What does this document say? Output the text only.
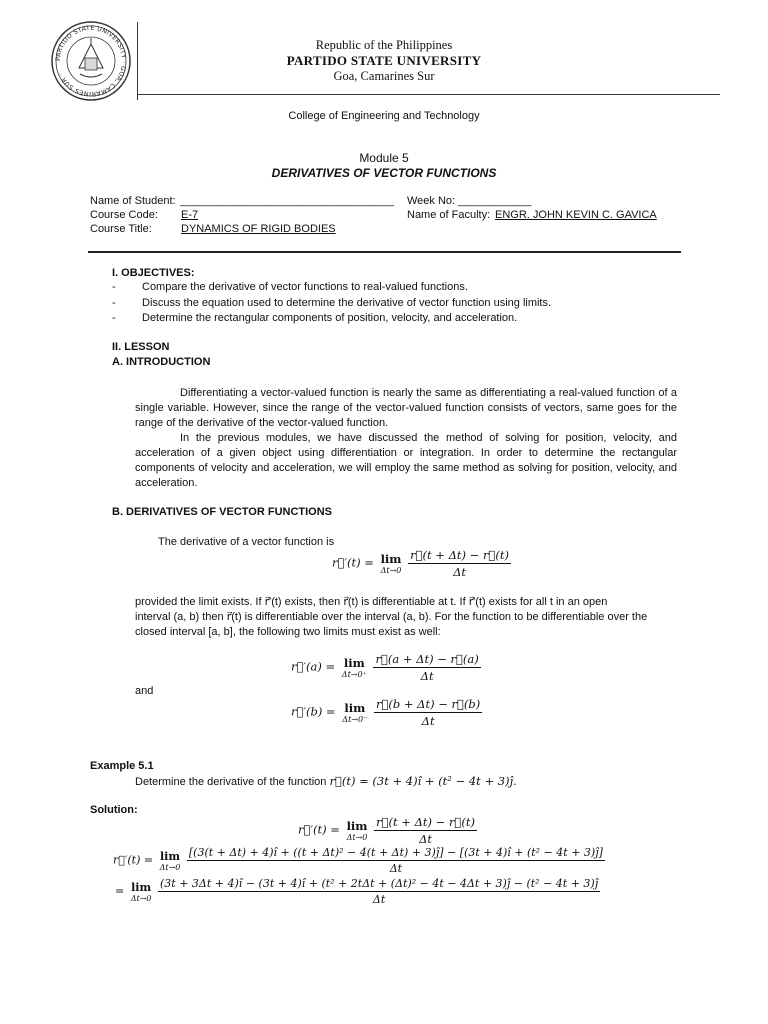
PARTIDO STATE UNIVERSITY · GOA, CAMARINES SUR ·
Republic of the Philippines
PARTIDO STATE UNIVERSITY
Goa, Camarines Sur
College of Engineering and Technology
Module 5
DERIVATIVES OF VECTOR FUNCTIONS
Name of Student: ___________________________________ Week No: ____________
Course Code: E-7	Name of Faculty: ENGR. JOHN KEVIN C. GAVICA
Course Title:	DYNAMICS OF RIGID BODIES
I. OBJECTIVES:
- Compare the derivative of vector functions to real-valued functions.
- Discuss the equation used to determine the derivative of vector function using limits.
- Determine the rectangular components of position, velocity, and acceleration.
II. LESSON
A. INTRODUCTION
Differentiating a vector-valued function is nearly the same as differentiating a real-valued function of a single variable. However, since the range of the vector-valued function consists of vectors, same goes for the range of the derivative of the vector-valued function.
In the previous modules, we have discussed the method of solving for position, velocity, and acceleration of a given object using differentiation or integration. In order to determine the rectangular components of velocity and acceleration, we will employ the same method as solving for position, velocity, and acceleration.
B. DERIVATIVES OF VECTOR FUNCTIONS
The derivative of a vector function is
r⃗′(t) = lim
Δt→0
$\frac{r⃗(t + \Delta t) - r⃗(t)}{\Delta t}$
provided the limit exists. If r⃗′(t) exists, then r⃗(t) is differentiable at t. If r⃗′(t) exists for all t in an open
interval (a, b) then r⃗(t) is differentiable over the interval (a, b). For the function to be differentiable over the
closed interval [a, b], the following two limits must exist as well:
r⃗′(a) = lim
Δt→0⁺
$\frac{r⃗(a + \Delta t) - r⃗(a)}{\Delta t}$
and
r⃗′(b) = lim
Δt→0⁻
$\frac{r⃗(b + \Delta t) - r⃗(b)}{\Delta t}$
Example 5.1
Determine the derivative of the function r⃗(t) = (3t + 4)î + (t² − 4t + 3)ĵ.
Solution:
r⃗′(t) = lim
Δt→0
$\frac{r⃗(t + \Delta t) - r⃗(t)}{\Delta t}$
r⃗′(t) = lim
Δt→0

[(3(t + Δt) + 4)î + ((t + Δt)² − 4(t + Δt) + 3)ĵ] − [(3t + 4)î + (t² − 4t + 3)ĵ]
Δt
= lim
Δt→0

(3t + 3Δt + 4)î − (3t + 4)î + (t² + 2tΔt + (Δt)² − 4t − 4Δt + 3)ĵ − (t² − 4t + 3)ĵ
Δt
